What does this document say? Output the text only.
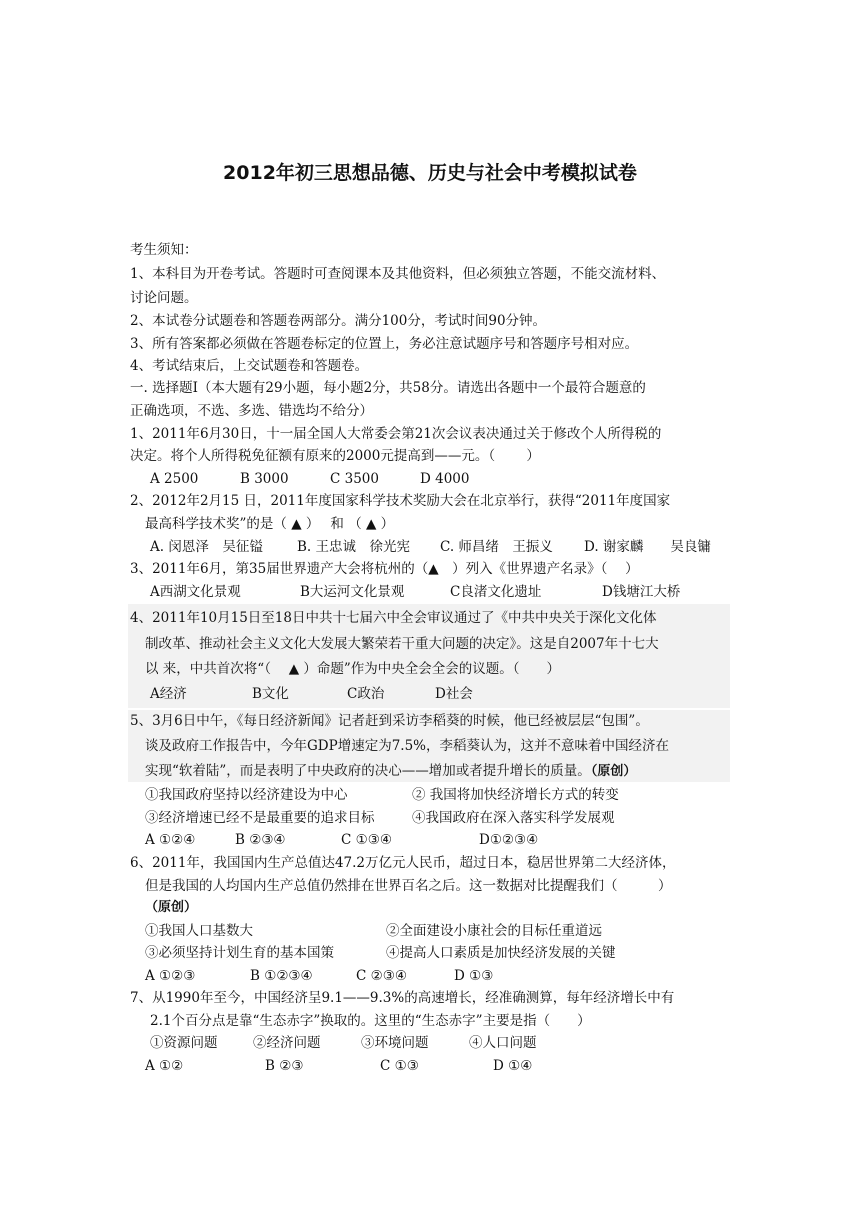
2012年初三思想品德、历史与社会中考模拟试卷
考生须知：
1、本科目为开卷考试。答题时可查阅课本及其他资料，但必须独立答题，不能交流材料、
讨论问题。
2、本试卷分试题卷和答题卷两部分。满分100分，考试时间90分钟。
3、所有答案都必须做在答题卷标定的位置上，务必注意试题序号和答题序号相对应。
4、考试结束后，上交试题卷和答题卷。
一. 选择题Ⅰ（本大题有29小题，每小题2分，共58分。请选出各题中一个最符合题意的
正确选项，不选、多选、错选均不给分）
1、2011年6月30日，十一届全国人大常委会第21次会议表决通过关于修改个人所得税的
决定。将个人所得税免征额有原来的2000元提高到——元。（　　 ）
A 2500	B 3000	C 3500	D 4000
2、2012年2月15 日，2011年度国家科学技术奖励大会在北京举行，获得“2011年度国家
最高科学技术奖”的是（ ▲ ）　 和 （ ▲ ）
A. 闵恩泽　吴征镒	B. 王忠诚　徐光宪 C. 师昌绪　王振义 D. 谢家麟　　吴良镛
3、2011年6月，第35届世界遗产大会将杭州的（▲　）列入《世界遗产名录》（　 ）
A西湖文化景观	B大运河文化景观	C良渚文化遗址	D钱塘江大桥
4、2011年10月15日至18日中共十七届六中全会审议通过了《中共中央关于深化文化体
制改革、推动社会主义文化大发展大繁荣若干重大问题的决定》。这是自2007年十七大
以 来，中共首次将“（　 ▲ ）命题”作为中央全会全会的议题。（　　）
A经济	B文化	C政治	D社会
5、3月6日中午，《每日经济新闻》记者赶到采访李稻葵的时候，他已经被层层“包围”。
谈及政府工作报告中，今年GDP增速定为7.5%，李稻葵认为，这并不意味着中国经济在
实现“软着陆”，而是表明了中央政府的决心——增加或者提升增长的质量。（原创）
①我国政府坚持以经济建设为中心	② 我国将加快经济增长方式的转变
③经济增速已经不是最重要的追求目标	④我国政府在深入落实科学发展观
A ①②④	B ②③④	C ①③④	D①②③④
6、2011年，我国国内生产总值达47.2万亿元人民币，超过日本，稳居世界第二大经济体，
但是我国的人均国内生产总值仍然排在世界百名之后。这一数据对比提醒我们（　　　）
（原创）
①我国人口基数大	②全面建设小康社会的目标任重道远
③必须坚持计划生育的基本国策	④提高人口素质是加快经济发展的关键
A ①②③	B ①②③④	C ②③④	D ①③
7、从1990年至今，中国经济呈9.1——9.3%的高速增长，经准确测算，每年经济增长中有
2.1个百分点是靠“生态赤字”换取的。这里的“生态赤字”主要是指（　　）
①资源问题	②经济问题	③环境问题	④人口问题
A ①②	B ②③	C ①③	D ①④
